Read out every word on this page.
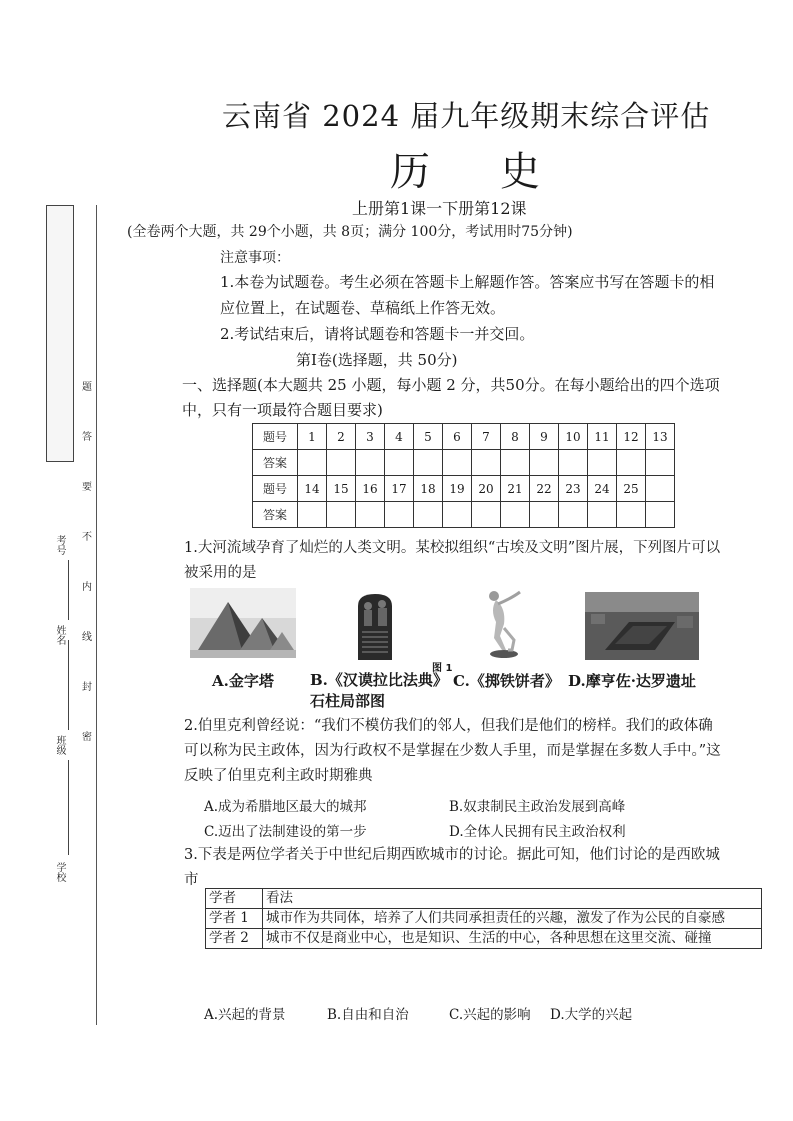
学校
班级
姓名
考号
密
封
线
内
不
要
答
题
云南省 2024 届九年级期末综合评估
历史
上册第1课一下册第12课
(全卷两个大题，共 29个小题，共 8页；满分 100分，考试用时75分钟)
注意事项：
1.本卷为试题卷。考生必须在答题卡上解题作答。答案应书写在答题卡的相应位置上，在试题卷、草稿纸上作答无效。
2.考试结束后，请将试题卷和答题卡一并交回。
第Ⅰ卷(选择题，共 50分)
一、选择题(本大题共 25 小题，每小题 2 分，共50分。在每小题给出的四个选项中，只有一项最符合题目要求)
题号	1	2	3	4	5	6	7	8	9	10	11	12	13
答案													
题号	14	15	16	17	18	19	20	21	22	23	24	25	
答案													
1.大河流域孕育了灿烂的人类文明。某校拟组织“古埃及文明”图片展，下列图片可以被采用的是
图 1
A.金字塔 B.《汉谟拉比法典》石柱局部图
C.《掷铁饼者》 D.摩亨佐·达罗遗址
2.伯里克利曾经说：“我们不模仿我们的邻人，但我们是他们的榜样。我们的政体确可以称为民主政体，因为行政权不是掌握在少数人手里，而是掌握在多数人手中。”这反映了伯里克利主政时期雅典
A.成为希腊地区最大的城邦	B.奴隶制民主政治发展到高峰
C.迈出了法制建设的第一步	D.全体人民拥有民主政治权利
3.下表是两位学者关于中世纪后期西欧城市的讨论。据此可知，他们讨论的是西欧城市
学者	看法
学者 1	城市作为共同体，培养了人们共同承担责任的兴趣，激发了作为公民的自豪感
学者 2	城市不仅是商业中心，也是知识、生活的中心，各种思想在这里交流、碰撞
A.兴起的背景	B.自由和自治	C.兴起的影响 D.大学的兴起
